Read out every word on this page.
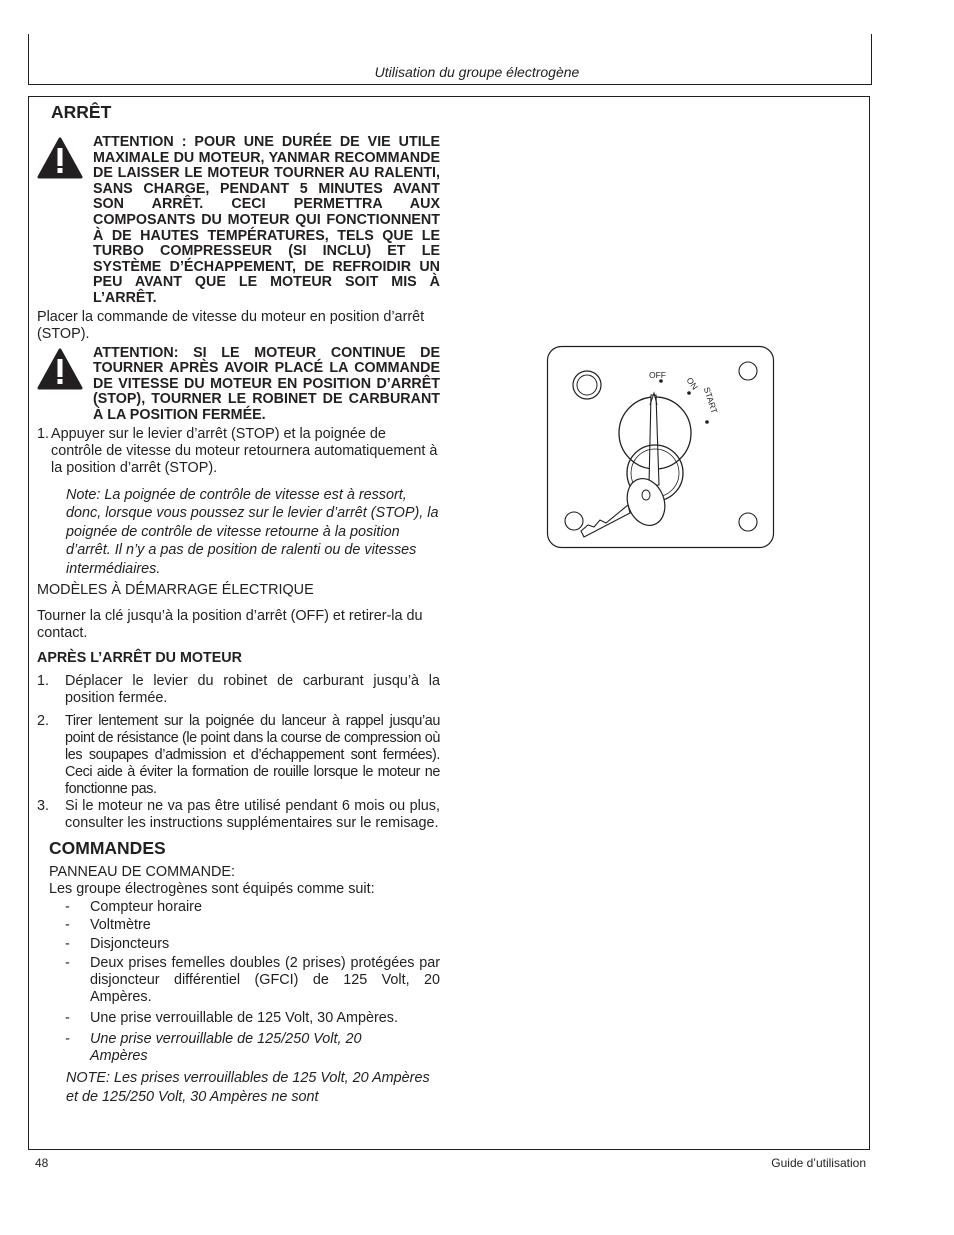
Utilisation du groupe électrogène
ARRÊT
ATTENTION : POUR UNE DURÉE DE VIE UTILE MAXIMALE DU MOTEUR, YANMAR RECOMMANDE DE LAISSER LE MOTEUR TOURNER AU RALENTI, SANS CHARGE, PENDANT 5 MINUTES AVANT SON ARRÊT. CECI PERMETTRA AUX COMPOSANTS DU MOTEUR QUI FONCTIONNENT À DE HAUTES TEMPÉRATURES, TELS QUE LE TURBO COMPRESSEUR (SI INCLU) ET LE SYSTÈME D’ÉCHAPPEMENT, DE REFROIDIR UN PEU AVANT QUE LE MOTEUR SOIT MIS À L’ARRÊT.

Placer la commande de vitesse du moteur en position d’arrêt (STOP).

ATTENTION: SI LE MOTEUR CONTINUE DE TOURNER APRÈS AVOIR PLACÉ LA COMMANDE DE VITESSE DU MOTEUR EN POSITION D’ARRÊT (STOP), TOURNER LE ROBINET DE CARBURANT À LA POSITION FERMÉE.
1. Appuyer sur le levier d’arrêt (STOP) et la poignée de contrôle de vitesse du moteur retournera automatiquement à la position d’arrêt (STOP).
Note: La poignée de contrôle de vitesse est à ressort, donc, lorsque vous poussez sur le levier d’arrêt (STOP), la poignée de contrôle de vitesse retourne à la position d’arrêt. Il n’y a pas de position de ralenti ou de vitesses intermédiaires.

MODÈLES À DÉMARRAGE ÉLECTRIQUE

Tourner la clé jusqu’à la position d’arrêt (OFF) et retirer-la du contact.

APRÈS L’ARRÊT DU MOTEUR

1.	Déplacer le levier du robinet de carburant jusqu’à la position fermée.
2.	Tirer lentement sur la poignée du lanceur à rappel jusqu’au point de résistance (le point dans la course de compression où les soupapes d’admission et d’échappement sont fermées). Ceci aide à éviter la formation de rouille lorsque le moteur ne fonctionne pas.
3.	Si le moteur ne va pas être utilisé pendant 6 mois ou plus, consulter les instructions supplémentaires sur le remisage.
COMMANDES

PANNEAU DE COMMANDE:

Les groupe électrogènes sont équipés comme suit:

-	Compteur horaire
-	Voltmètre
-	Disjoncteurs
-	Deux prises femelles doubles (2 prises) protégées par disjoncteur différentiel (GFCI) de 125 Volt, 20 Ampères.
-	Une prise verrouillable de 125 Volt, 30 Ampères.
-	Une prise verrouillable de 125/250 Volt, 20 Ampères

NOTE: Les prises verrouillables de 125 Volt, 20 Ampères et de 125/250 Volt, 30 Ampères ne sont

OFF
ON
START
48	Guide d’utilisation
